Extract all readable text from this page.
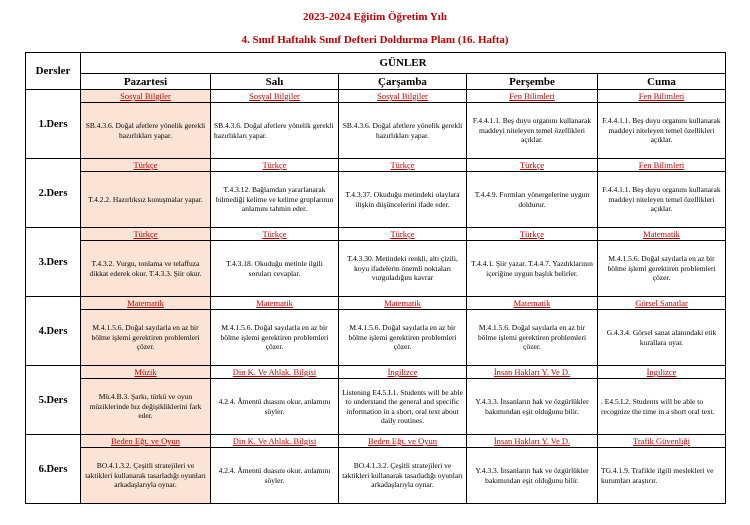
2023-2024 Eğitim Öğretim Yılı
4. Sınıf Haftalık Sınıf Defteri Doldurma Planı (16. Hafta)
Dersler	GÜNLER				
	Pazartesi	Salı	Çarşamba	Perşembe	Cuma
1.Ders	Sosyal Bilgiler	Sosyal Bilgiler	Sosyal Bilgiler	Fen Bilimleri	Fen Bilimleri
	SB.4.3.6. Doğal afetlere yönelik gerekli hazırlıkları yapar.	SB.4.3.6. Doğal afetlere yönelik gerekli hazırlıkları yapar.	SB.4.3.6. Doğal afetlere yönelik gerekli hazırlıkları yapar.	F.4.4.1.1. Beş duyu organını kullanarak maddeyi niteleyen temel özellikleri açıklar.	F.4.4.1.1. Beş duyu organını kullanarak maddeyi niteleyen temel özellikleri açıklar.
2.Ders	Türkçe	Türkçe	Türkçe	Türkçe	Fen Bilimleri
	T.4.2.2. Hazırlıksız konuşmalar yapar.	T.4.3.12. Bağlamdan yararlanarak bilmediği kelime ve kelime gruplarının anlamını tahmin eder.	T.4.3.37. Okuduğu metindeki olaylara ilişkin düşüncelerini ifade eder.	T.4.4.9. Formları yönergelerine uygun doldurur.	F.4.4.1.1. Beş duyu organını kullanarak maddeyi niteleyen temel özellikleri açıklar.
3.Ders	Türkçe	Türkçe	Türkçe	Türkçe	Matematik
	T.4.3.2. Vurgu, tonlama ve telaffuza dikkat ederek okur. T.4.3.3. Şiir okur.	T.4.3.18. Okuduğu metinle ilgili soruları cevaplar.	T.4.3.30. Metindeki renkli, altı çizili, koyu ifadelerin önemli noktaları vurguladığını kavrar	T.4.4.1. Şiir yazar. T.4.4.7. Yazdıklarının içeriğine uygun başlık belirler.	M.4.1.5.6. Doğal sayılarla en az bir bölme işlemi gerektiren problemleri çözer.
4.Ders	Matematik	Matematik	Matematik	Matematik	Görsel Sanatlar
	M.4.1.5.6. Doğal sayılarla en az bir bölme işlemi gerektiren problemleri çözer.	M.4.1.5.6. Doğal sayılarla en az bir bölme işlemi gerektiren problemleri çözer.	M.4.1.5.6. Doğal sayılarla en az bir bölme işlemi gerektiren problemleri çözer.	M.4.1.5.6. Doğal sayılarla en az bir bölme işlemi gerektiren problemleri çözer.	G.4.3.4. Görsel sanat alanındaki etik kurallara uyar.
5.Ders	Müzik	Din K. Ve Ahlak. Bilgisi	İngilizce	İnsan Hakları Y. Ve D.	İngilizce
	Mü.4.B.3. Şarkı, türkü ve oyun müziklerinde hız değişikliklerini fark eder.	4.2.4. Âmentü duasını okur, anlamını söyler.	Listening E4.5.L1. Students will be able to understand the general and specific information in a short, oral text about daily routines.	Y.4.3.3. İnsanların hak ve özgürlükler bakımından eşit olduğunu bilir.	. E4.5.L2. Students will be able to recognize the time in a short oral text.
6.Ders	Beden Eğt. ve Oyun	Din K. Ve Ahlak. Bilgisi	Beden Eğt. ve Oyun	İnsan Hakları Y. Ve D.	Trafik Güvenliği
	BO.4.1.3.2. Çeşitli stratejileri ve taktikleri kullanarak tasarladığı oyunları arkadaşlarıyla oynar.	4.2.4. Âmentü duasını okur, anlamını söyler.	BO.4.1.3.2. Çeşitli stratejileri ve taktikleri kullanarak tasarladığı oyunları arkadaşlarıyla oynar.	Y.4.3.3. İnsanların hak ve özgürlükler bakımından eşit olduğunu bilir.	TG.4.1.9. Trafikle ilgili meslekleri ve kurumları araştırır.
